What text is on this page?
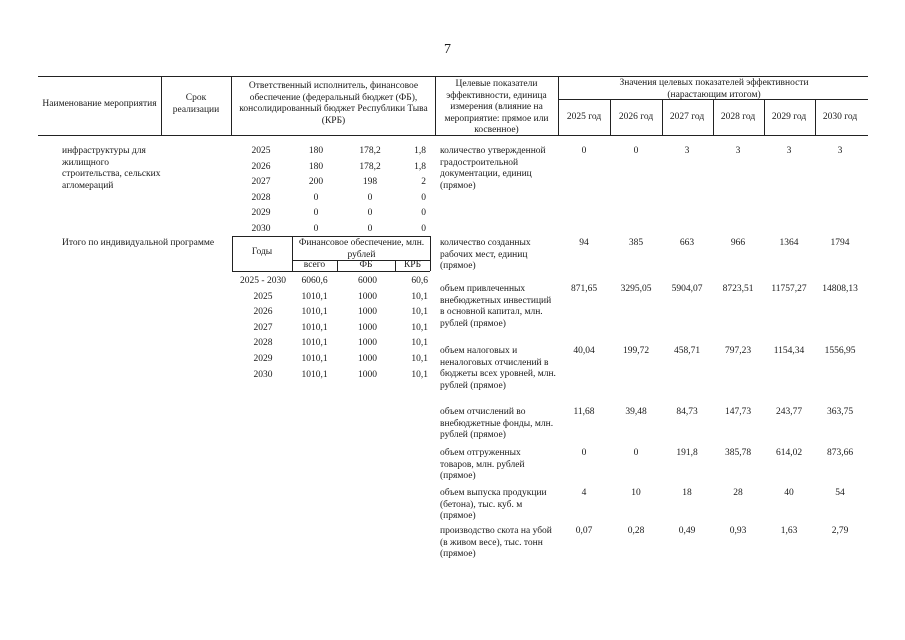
7
Наименование мероприятия
Срок реализации
Ответственный исполнитель, финансовое обеспечение (федеральный бюджет (ФБ), консолидированный бюджет Республики Тыва (КРБ)
Целевые показатели эффективности, единица измерения (влияние на мероприятие: прямое или косвенное)
Значения целевых показателей эффективности (нарастающим итогом)
2025 год	2026 год	2027 год	2028 год	2029 год	2030 год
инфраструктуры для жилищного строительства, сельских агломераций
2025	180	178,2	1,8
2026	180	178,2	1,8
2027	200	198	2
2028	0	0	0
2029	0	0	0
2030	0	0	0
количество утвержденной градостроительной документации, единиц (прямое)
0	0	3	3	3	3
Итого по индивидуальной программе
Годы
Финансовое обеспечение, млн. рублей
всего	ФБ	КРБ
2025 - 2030	6060,6	6000	60,6
2025	1010,1	1000	10,1
2026	1010,1	1000	10,1
2027	1010,1	1000	10,1
2028	1010,1	1000	10,1
2029	1010,1	1000	10,1
2030	1010,1	1000	10,1
количество созданных рабочих мест, единиц (прямое)
94	385	663	966	1364	1794
объем привлеченных внебюджетных инвестиций в основной капитал, млн. рублей (прямое)
871,65	3295,05	5904,07	8723,51	11757,27	14808,13
объем налоговых и неналоговых отчислений в бюджеты всех уровней, млн. рублей (прямое)
40,04	199,72	458,71	797,23	1154,34	1556,95
объем отчислений во внебюджетные фонды, млн. рублей (прямое)
11,68	39,48	84,73	147,73	243,77	363,75
объем отгруженных товаров, млн. рублей (прямое)
0	0	191,8	385,78	614,02	873,66
объем выпуска продукции (бетона), тыс. куб. м (прямое)
4	10	18	28	40	54
производство скота на убой (в живом весе), тыс. тонн (прямое)
0,07	0,28	0,49	0,93	1,63	2,79
